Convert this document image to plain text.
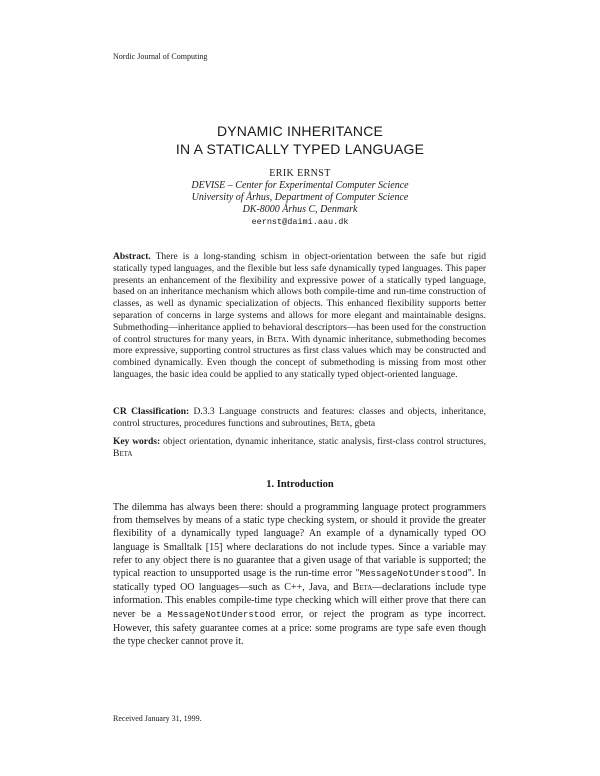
Nordic Journal of Computing
DYNAMIC INHERITANCE
IN A STATICALLY TYPED LANGUAGE
ERIK ERNST
DEVISE – Center for Experimental Computer Science
University of Århus, Department of Computer Science
DK-8000 Århus C, Denmark
eernst@daimi.aau.dk
Abstract. There is a long-standing schism in object-orientation between the safe but rigid statically typed languages, and the flexible but less safe dynamically typed languages. This paper presents an enhancement of the flexibility and expressive power of a statically typed language, based on an inheritance mechanism which allows both compile-time and run-time construction of classes, as well as dynamic specialization of objects. This enhanced flexibility supports better separation of concerns in large systems and allows for more elegant and maintainable designs. Submethoding—inheritance applied to behavioral descriptors—has been used for the construction of control structures for many years, in Beta. With dynamic inheritance, submethoding becomes more expressive, supporting control structures as first class values which may be constructed and combined dynamically. Even though the concept of submethoding is missing from most other languages, the basic idea could be applied to any statically typed object-oriented language.
CR Classification: D.3.3 Language constructs and features: classes and objects, inheritance, control structures, procedures functions and subroutines, Beta, gbeta
Key words: object orientation, dynamic inheritance, static analysis, first-class control structures, Beta
1. Introduction
The dilemma has always been there: should a programming language protect programmers from themselves by means of a static type checking system, or should it provide the greater flexibility of a dynamically typed language? An example of a dynamically typed OO language is Smalltalk [15] where declarations do not include types. Since a variable may refer to any object there is no guarantee that a given usage of that variable is supported; the typical reaction to unsupported usage is the run-time error "MessageNotUnderstood". In statically typed OO languages—such as C++, Java, and Beta—declarations include type information. This enables compile-time type checking which will either prove that there can never be a MessageNotUnderstood error, or reject the program as type incorrect. However, this safety guarantee comes at a price: some programs are type safe even though the type checker cannot prove it.
Received January 31, 1999.
